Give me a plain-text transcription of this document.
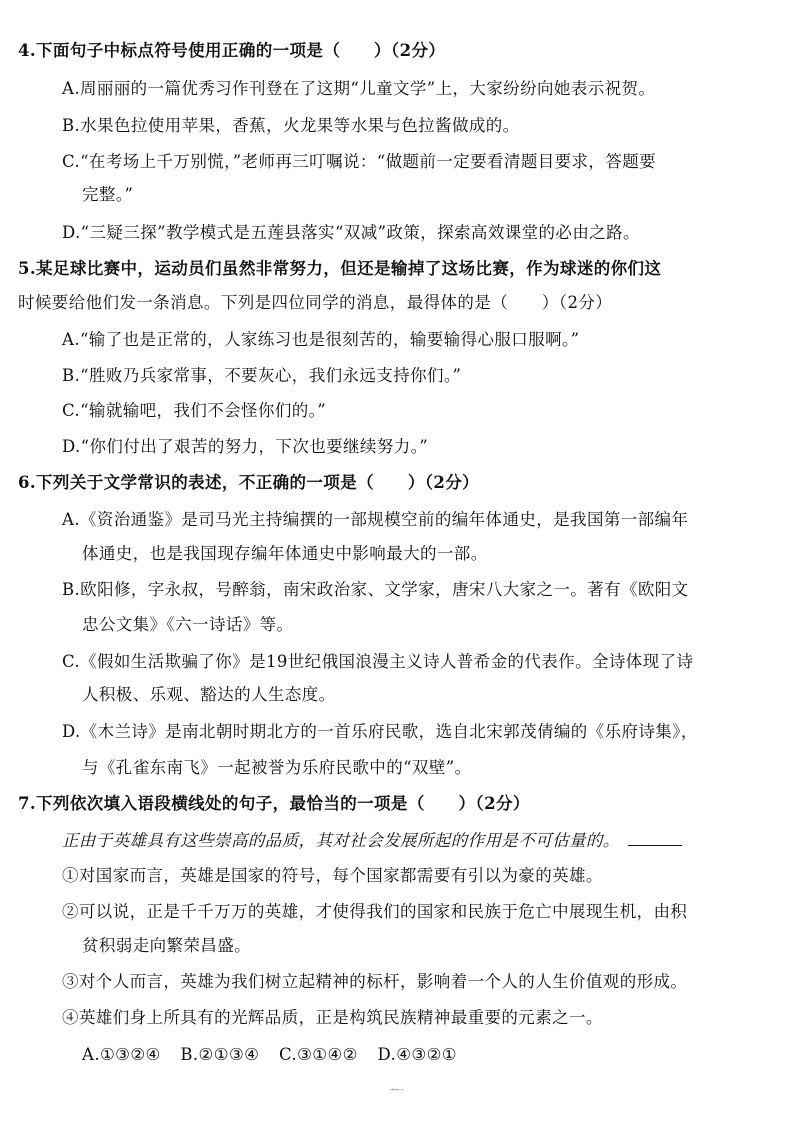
4.下面句子中标点符号使用正确的一项是（　　）（2分）
A.周丽丽的一篇优秀习作刊登在了这期“儿童文学”上，大家纷纷向她表示祝贺。
B.水果色拉使用苹果，香蕉，火龙果等水果与色拉酱做成的。
C.“在考场上千万别慌，”老师再三叮嘱说：“做题前一定要看清题目要求，答题要
完整。”
D.“三疑三探”教学模式是五莲县落实“双减”政策，探索高效课堂的必由之路。
5.某足球比赛中，运动员们虽然非常努力，但还是输掉了这场比赛，作为球迷的你们这
时候要给他们发一条消息。下列是四位同学的消息，最得体的是（　　）（2分）
A.“输了也是正常的，人家练习也是很刻苦的，输要输得心服口服啊。”
B.“胜败乃兵家常事，不要灰心，我们永远支持你们。”
C.“输就输吧，我们不会怪你们的。”
D.“你们付出了艰苦的努力，下次也要继续努力。”
6.下列关于文学常识的表述，不正确的一项是（　　）（2分）
A.《资治通鉴》是司马光主持编撰的一部规模空前的编年体通史，是我国第一部编年
体通史，也是我国现存编年体通史中影响最大的一部。
B.欧阳修，字永叔，号醉翁，南宋政治家、文学家，唐宋八大家之一。著有《欧阳文
忠公文集》《六一诗话》等。
C.《假如生活欺骗了你》是19世纪俄国浪漫主义诗人普希金的代表作。全诗体现了诗
人积极、乐观、豁达的人生态度。
D.《木兰诗》是南北朝时期北方的一首乐府民歌，选自北宋郭茂倩编的《乐府诗集》，
与《孔雀东南飞》一起被誉为乐府民歌中的“双壁”。
7.下列依次填入语段横线处的句子，最恰当的一项是（　　）（2分）
正由于英雄具有这些崇高的品质，其对社会发展所起的作用是不可估量的。
①对国家而言，英雄是国家的符号，每个国家都需要有引以为豪的英雄。
②可以说，正是千千万万的英雄，才使得我们的国家和民族于危亡中展现生机，由积
贫积弱走向繁荣昌盛。
③对个人而言，英雄为我们树立起精神的标杆，影响着一个人的人生价值观的形成。
④英雄们身上所具有的光辉品质，正是构筑民族精神最重要的元素之一。
A.①③②④ B.②①③④ C.③①④② D.④③②①
七年级语文试题 第2页 (共8页)
